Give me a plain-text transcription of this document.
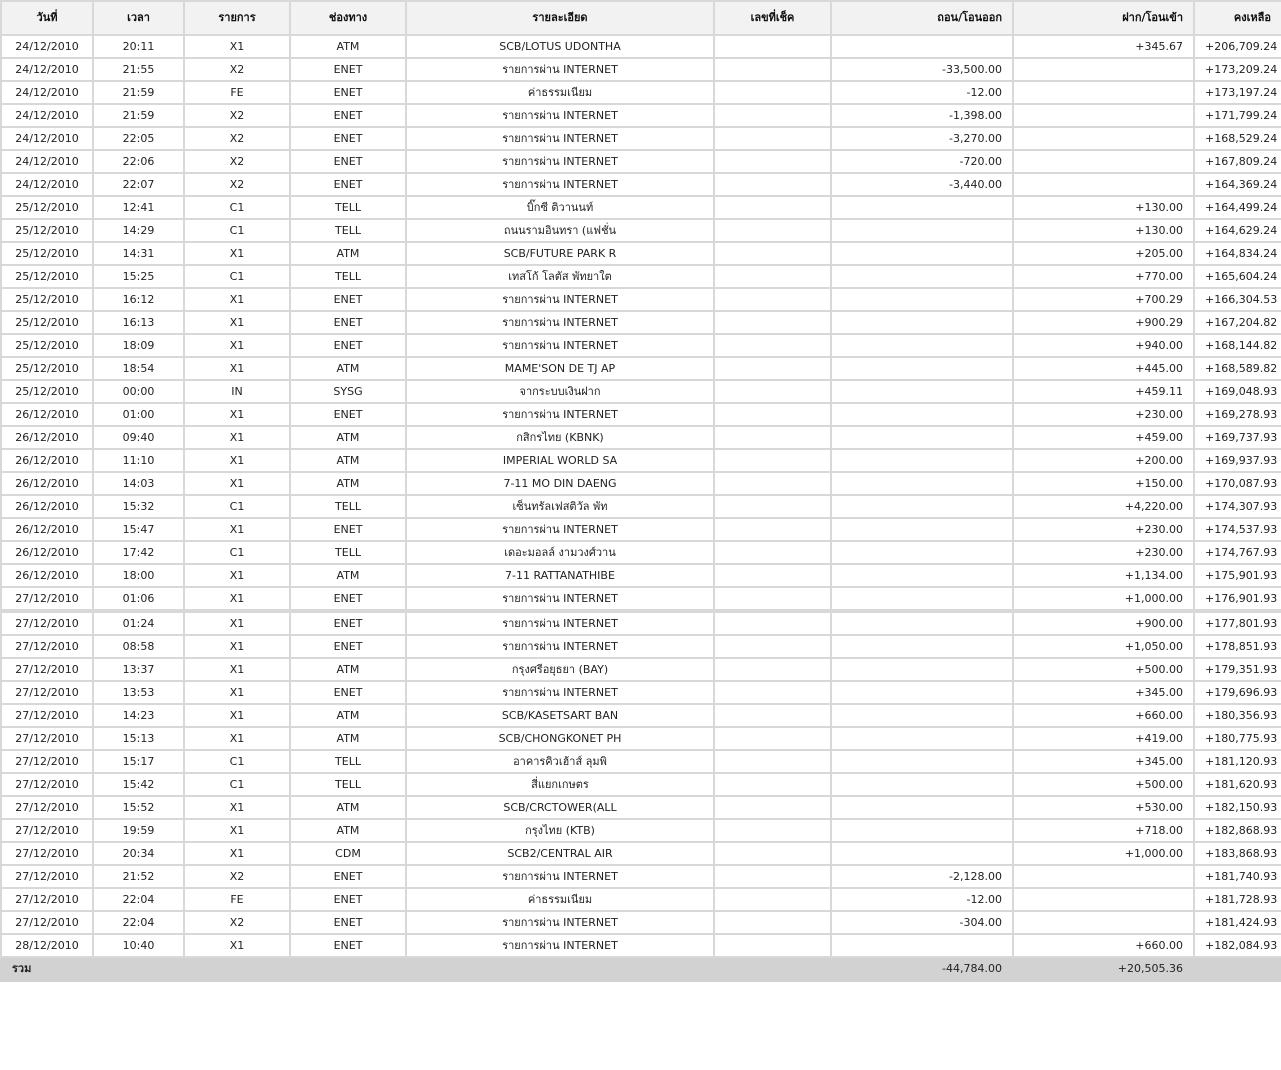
วันที่	เวลา	รายการ	ช่องทาง	รายละเอียด	เลขที่เช็ค	ถอน/โอนออก	ฝาก/โอนเข้า	คงเหลือ
24/12/2010	20:11	X1	ATM	SCB/LOTUS UDONTHA			+345.67	+206,709.24
24/12/2010	21:55	X2	ENET	รายการผ่าน INTERNET		-33,500.00		+173,209.24
24/12/2010	21:59	FE	ENET	ค่าธรรมเนียม		-12.00		+173,197.24
24/12/2010	21:59	X2	ENET	รายการผ่าน INTERNET		-1,398.00		+171,799.24
24/12/2010	22:05	X2	ENET	รายการผ่าน INTERNET		-3,270.00		+168,529.24
24/12/2010	22:06	X2	ENET	รายการผ่าน INTERNET		-720.00		+167,809.24
24/12/2010	22:07	X2	ENET	รายการผ่าน INTERNET		-3,440.00		+164,369.24
25/12/2010	12:41	C1	TELL	บิ๊กซี ติวานนท์			+130.00	+164,499.24
25/12/2010	14:29	C1	TELL	ถนนรามอินทรา (แฟชั่น			+130.00	+164,629.24
25/12/2010	14:31	X1	ATM	SCB/FUTURE PARK R			+205.00	+164,834.24
25/12/2010	15:25	C1	TELL	เทสโก้ โลตัส พัทยาใต			+770.00	+165,604.24
25/12/2010	16:12	X1	ENET	รายการผ่าน INTERNET			+700.29	+166,304.53
25/12/2010	16:13	X1	ENET	รายการผ่าน INTERNET			+900.29	+167,204.82
25/12/2010	18:09	X1	ENET	รายการผ่าน INTERNET			+940.00	+168,144.82
25/12/2010	18:54	X1	ATM	MAME'SON DE TJ AP			+445.00	+168,589.82
25/12/2010	00:00	IN	SYSG	จากระบบเงินฝาก			+459.11	+169,048.93
26/12/2010	01:00	X1	ENET	รายการผ่าน INTERNET			+230.00	+169,278.93
26/12/2010	09:40	X1	ATM	กสิกรไทย (KBNK)			+459.00	+169,737.93
26/12/2010	11:10	X1	ATM	IMPERIAL WORLD SA			+200.00	+169,937.93
26/12/2010	14:03	X1	ATM	7-11 MO DIN DAENG			+150.00	+170,087.93
26/12/2010	15:32	C1	TELL	เซ็นทรัลเฟสติวัล พัท			+4,220.00	+174,307.93
26/12/2010	15:47	X1	ENET	รายการผ่าน INTERNET			+230.00	+174,537.93
26/12/2010	17:42	C1	TELL	เดอะมอลล์ งามวงศ์วาน			+230.00	+174,767.93
26/12/2010	18:00	X1	ATM	7-11 RATTANATHIBE			+1,134.00	+175,901.93
27/12/2010	01:06	X1	ENET	รายการผ่าน INTERNET			+1,000.00	+176,901.93
27/12/2010	01:24	X1	ENET	รายการผ่าน INTERNET			+900.00	+177,801.93
27/12/2010	08:58	X1	ENET	รายการผ่าน INTERNET			+1,050.00	+178,851.93
27/12/2010	13:37	X1	ATM	กรุงศรีอยุธยา (BAY)			+500.00	+179,351.93
27/12/2010	13:53	X1	ENET	รายการผ่าน INTERNET			+345.00	+179,696.93
27/12/2010	14:23	X1	ATM	SCB/KASETSART BAN			+660.00	+180,356.93
27/12/2010	15:13	X1	ATM	SCB/CHONGKONET PH			+419.00	+180,775.93
27/12/2010	15:17	C1	TELL	อาคารคิวเฮ้าส์ ลุมพิ			+345.00	+181,120.93
27/12/2010	15:42	C1	TELL	สี่แยกเกษตร			+500.00	+181,620.93
27/12/2010	15:52	X1	ATM	SCB/CRCTOWER(ALL			+530.00	+182,150.93
27/12/2010	19:59	X1	ATM	กรุงไทย (KTB)			+718.00	+182,868.93
27/12/2010	20:34	X1	CDM	SCB2/CENTRAL AIR			+1,000.00	+183,868.93
27/12/2010	21:52	X2	ENET	รายการผ่าน INTERNET		-2,128.00		+181,740.93
27/12/2010	22:04	FE	ENET	ค่าธรรมเนียม		-12.00		+181,728.93
27/12/2010	22:04	X2	ENET	รายการผ่าน INTERNET		-304.00		+181,424.93
28/12/2010	10:40	X1	ENET	รายการผ่าน INTERNET			+660.00	+182,084.93
รวม						-44,784.00	+20,505.36	
